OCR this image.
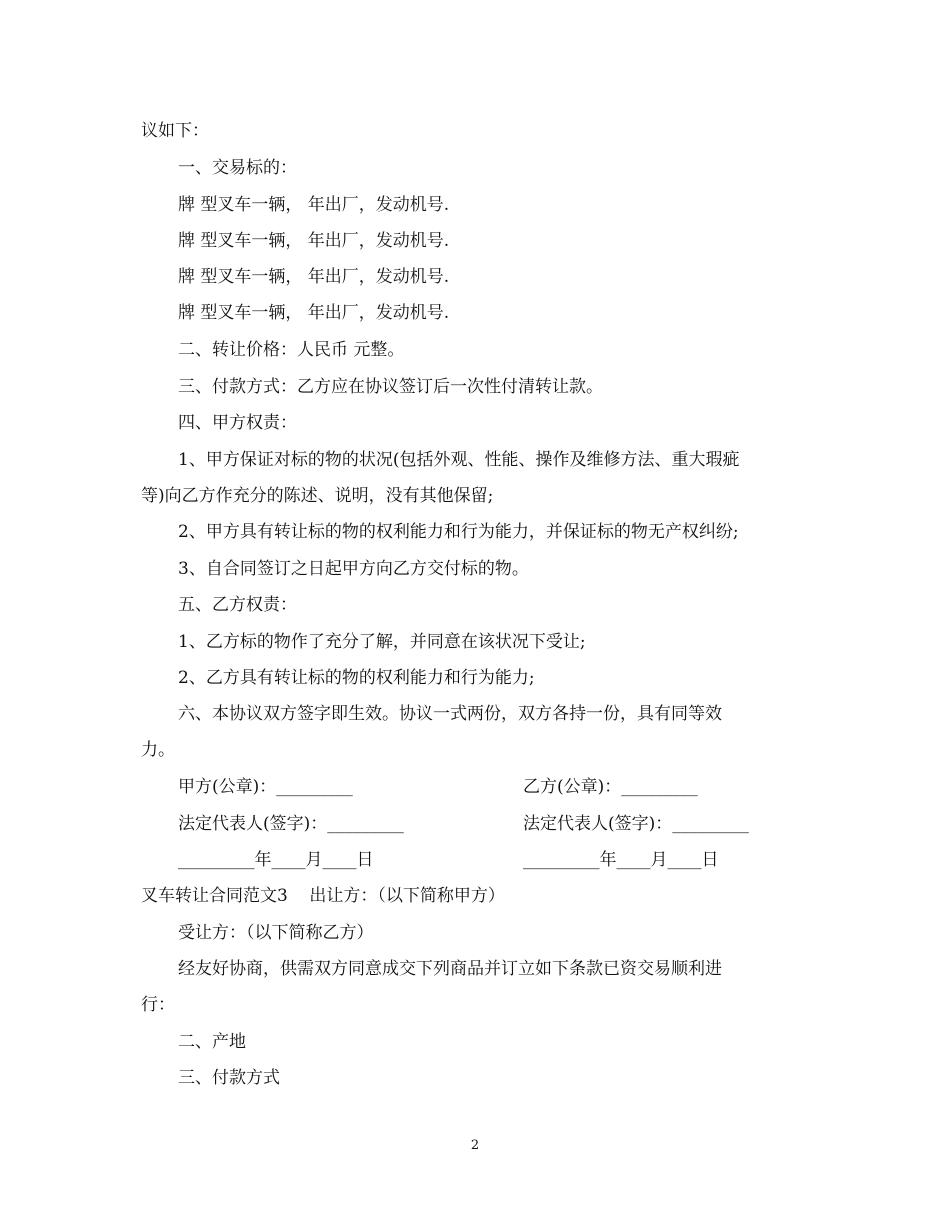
议如下：
一、交易标的：
牌 型叉车一辆， 年出厂，发动机号.
牌 型叉车一辆， 年出厂，发动机号.
牌 型叉车一辆， 年出厂，发动机号.
牌 型叉车一辆， 年出厂，发动机号.
二、转让价格：人民币 元整。
三、付款方式：乙方应在协议签订后一次性付清转让款。
四、甲方权责：
1、甲方保证对标的物的状况(包括外观、性能、操作及维修方法、重大瑕疵
等)向乙方作充分的陈述、说明，没有其他保留;
2、甲方具有转让标的物的权利能力和行为能力，并保证标的物无产权纠纷;
3、自合同签订之日起甲方向乙方交付标的物。
五、乙方权责：
1、乙方标的物作了充分了解，并同意在该状况下受让;
2、乙方具有转让标的物的权利能力和行为能力;
六、本协议双方签字即生效。协议一式两份，双方各持一份，具有同等效
力。
甲方(公章)：_________	乙方(公章)：_________
法定代表人(签字)：_________	法定代表人(签字)：_________
_________年____月____日	_________年____月____日
叉车转让合同范文3    出让方：（以下简称甲方）
受让方：（以下简称乙方）
经友好协商，供需双方同意成交下列商品并订立如下条款已资交易顺利进
行：
二、产地
三、付款方式
2
